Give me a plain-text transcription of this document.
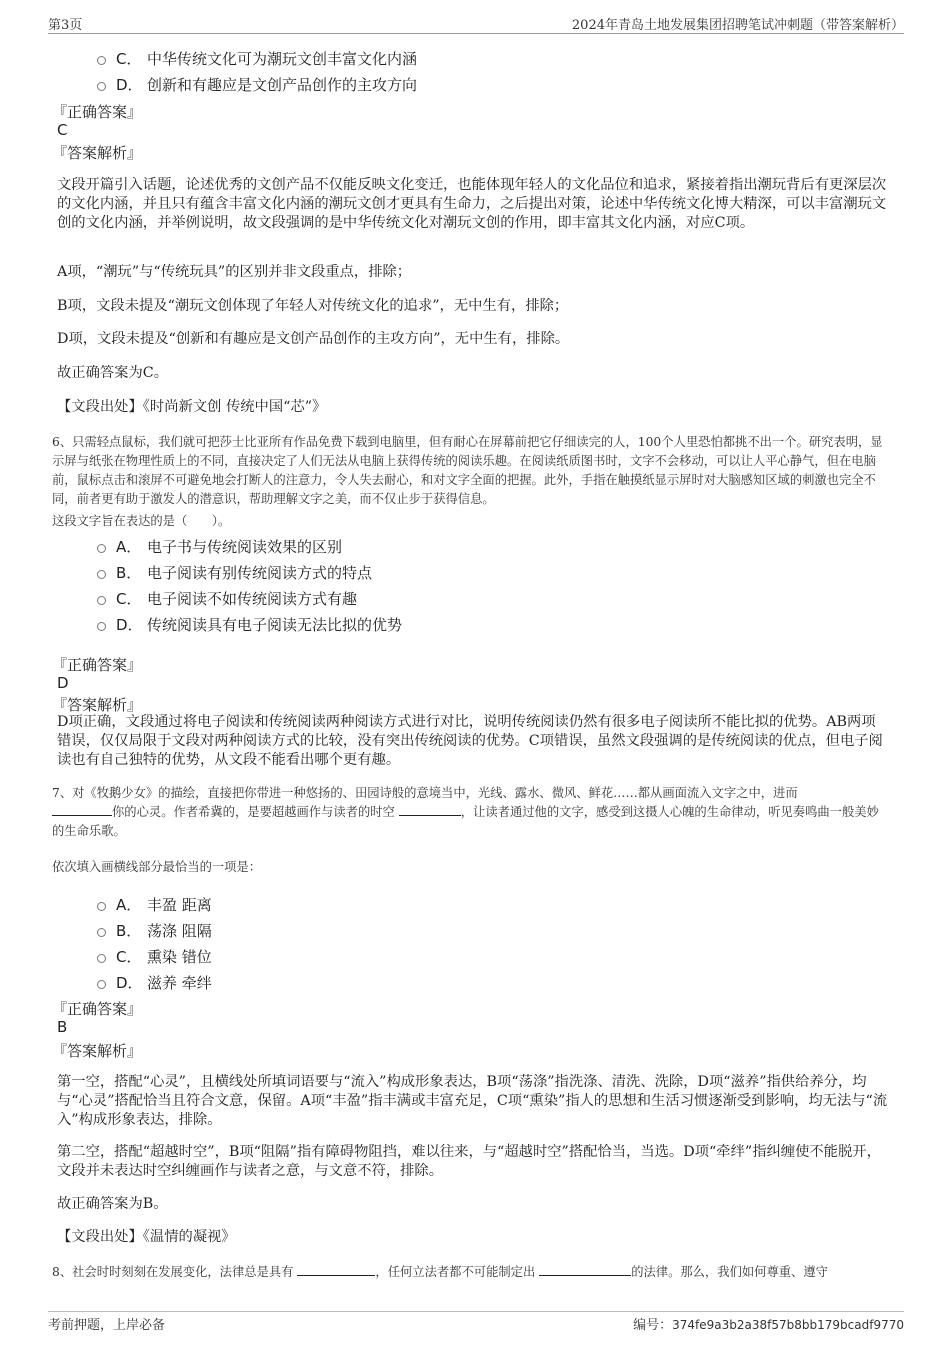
第3页	2024年青岛土地发展集团招聘笔试冲刺题（带答案解析）
C． 中华传统文化可为潮玩文创丰富文化内涵
D． 创新和有趣应是文创产品创作的主攻方向
『正确答案』
C
『答案解析』
文段开篇引入话题，论述优秀的文创产品不仅能反映文化变迁，也能体现年轻人的文化品位和追求，紧接着指出潮玩背后有更深层次的文化内涵，并且只有蕴含丰富文化内涵的潮玩文创才更具有生命力，之后提出对策，论述中华传统文化博大精深，可以丰富潮玩文创的文化内涵，并举例说明，故文段强调的是中华传统文化对潮玩文创的作用，即丰富其文化内涵，对应C项。
A项，“潮玩”与“传统玩具”的区别并非文段重点，排除；
B项，文段未提及“潮玩文创体现了年轻人对传统文化的追求”，无中生有，排除；
D项，文段未提及“创新和有趣应是文创产品创作的主攻方向”，无中生有，排除。
故正确答案为C。
【文段出处】《时尚新文创 传统中国“芯”》
6、只需轻点鼠标，我们就可把莎士比亚所有作品免费下载到电脑里，但有耐心在屏幕前把它仔细读完的人，100个人里恐怕都挑不出一个。研究表明，显示屏与纸张在物理性质上的不同，直接决定了人们无法从电脑上获得传统的阅读乐趣。在阅读纸质图书时，文字不会移动，可以让人平心静气，但在电脑前，鼠标点击和滚屏不可避免地会打断人的注意力，令人失去耐心，和对文字全面的把握。此外，手指在触摸纸显示屏时对大脑感知区域的刺激也完全不同，前者更有助于激发人的潜意识，帮助理解文字之美，而不仅止步于获得信息。
这段文字旨在表达的是（　　）。
A． 电子书与传统阅读效果的区别
B． 电子阅读有别传统阅读方式的特点
C． 电子阅读不如传统阅读方式有趣
D． 传统阅读具有电子阅读无法比拟的优势
『正确答案』
D
『答案解析』
D项正确，文段通过将电子阅读和传统阅读两种阅读方式进行对比，说明传统阅读仍然有很多电子阅读所不能比拟的优势。AB两项错误，仅仅局限于文段对两种阅读方式的比较，没有突出传统阅读的优势。C项错误，虽然文段强调的是传统阅读的优点，但电子阅读也有自己独特的优势，从文段不能看出哪个更有趣。
7、对《牧鹅少女》的描绘，直接把你带进一种悠扬的、田园诗般的意境当中，光线、露水、微风、鲜花……都从画面流入文字之中，进而
你的心灵。作者希冀的，是要超越画作与读者的时空	，让读者通过他的文字，感受到这摄人心魄的生命律动，听见奏鸣曲一般美妙的生命乐歌。
依次填入画横线部分最恰当的一项是：
A． 丰盈 距离
B． 荡涤 阻隔
C． 熏染 错位
D． 滋养 牵绊
『正确答案』
B
『答案解析』
第一空，搭配“心灵”，且横线处所填词语要与“流入”构成形象表达，B项“荡涤”指洗涤、清洗、洗除，D项“滋养”指供给养分，均与“心灵”搭配恰当且符合文意，保留。A项“丰盈”指丰满或丰富充足，C项“熏染”指人的思想和生活习惯逐渐受到影响，均无法与“流入”构成形象表达，排除。
第二空，搭配“超越时空”，B项“阻隔”指有障碍物阻挡，难以往来，与“超越时空”搭配恰当，当选。D项“牵绊”指纠缠使不能脱开，文段并未表达时空纠缠画作与读者之意，与文意不符，排除。
故正确答案为B。
【文段出处】《温情的凝视》
8、社会时时刻刻在发展变化，法律总是具有	，任何立法者都不可能制定出	的法律。那么，我们如何尊重、遵守
考前押题，上岸必备	编号：374fe9a3b2a38f57b8bb179bcadf9770
